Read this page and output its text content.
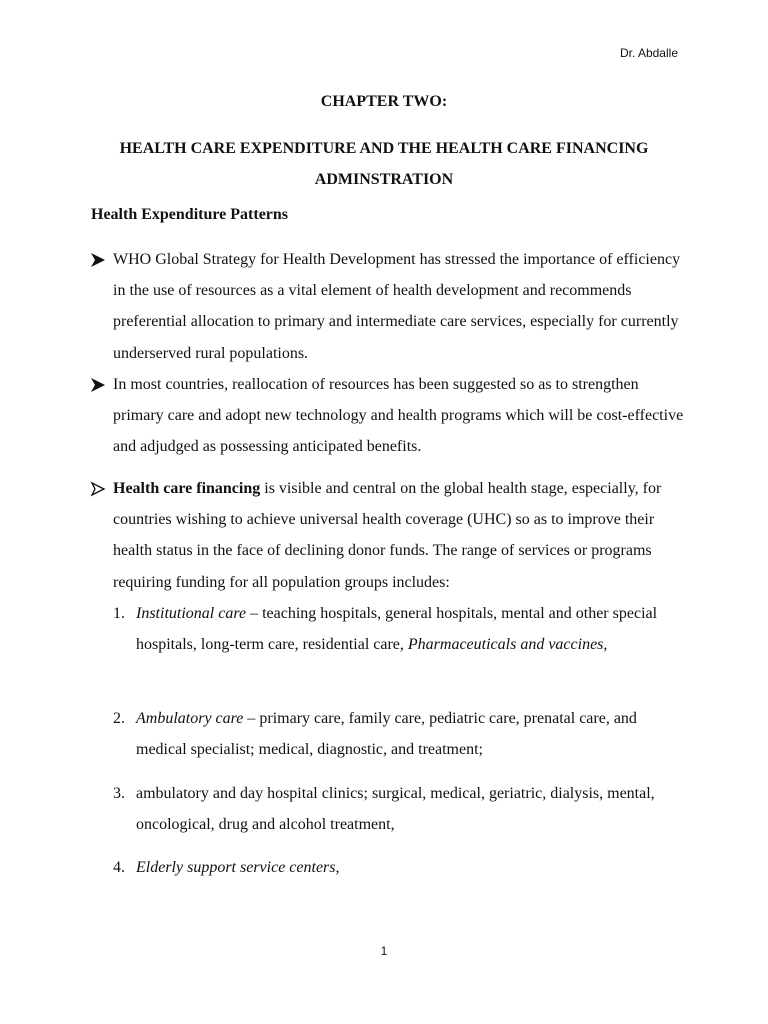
Dr. Abdalle
CHAPTER TWO:
HEALTH CARE EXPENDITURE AND THE HEALTH CARE FINANCING ADMINSTRATION
Health Expenditure Patterns
WHO Global Strategy for Health Development has stressed the importance of efficiency in the use of resources as a vital element of health development and recommends preferential allocation to primary and intermediate care services, especially for currently underserved rural populations.
In most countries, reallocation of resources has been suggested so as to strengthen primary care and adopt new technology and health programs which will be cost-effective and adjudged as possessing anticipated benefits.
Health care financing is visible and central on the global health stage, especially, for countries wishing to achieve universal health coverage (UHC) so as to improve their health status in the face of declining donor funds. The range of services or programs requiring funding for all population groups includes:
1. Institutional care – teaching hospitals, general hospitals, mental and other special hospitals, long-term care, residential care, Pharmaceuticals and vaccines,
2. Ambulatory care – primary care, family care, pediatric care, prenatal care, and medical specialist; medical, diagnostic, and treatment;
3. ambulatory and day hospital clinics; surgical, medical, geriatric, dialysis, mental, oncological, drug and alcohol treatment,
4. Elderly support service centers,
1
